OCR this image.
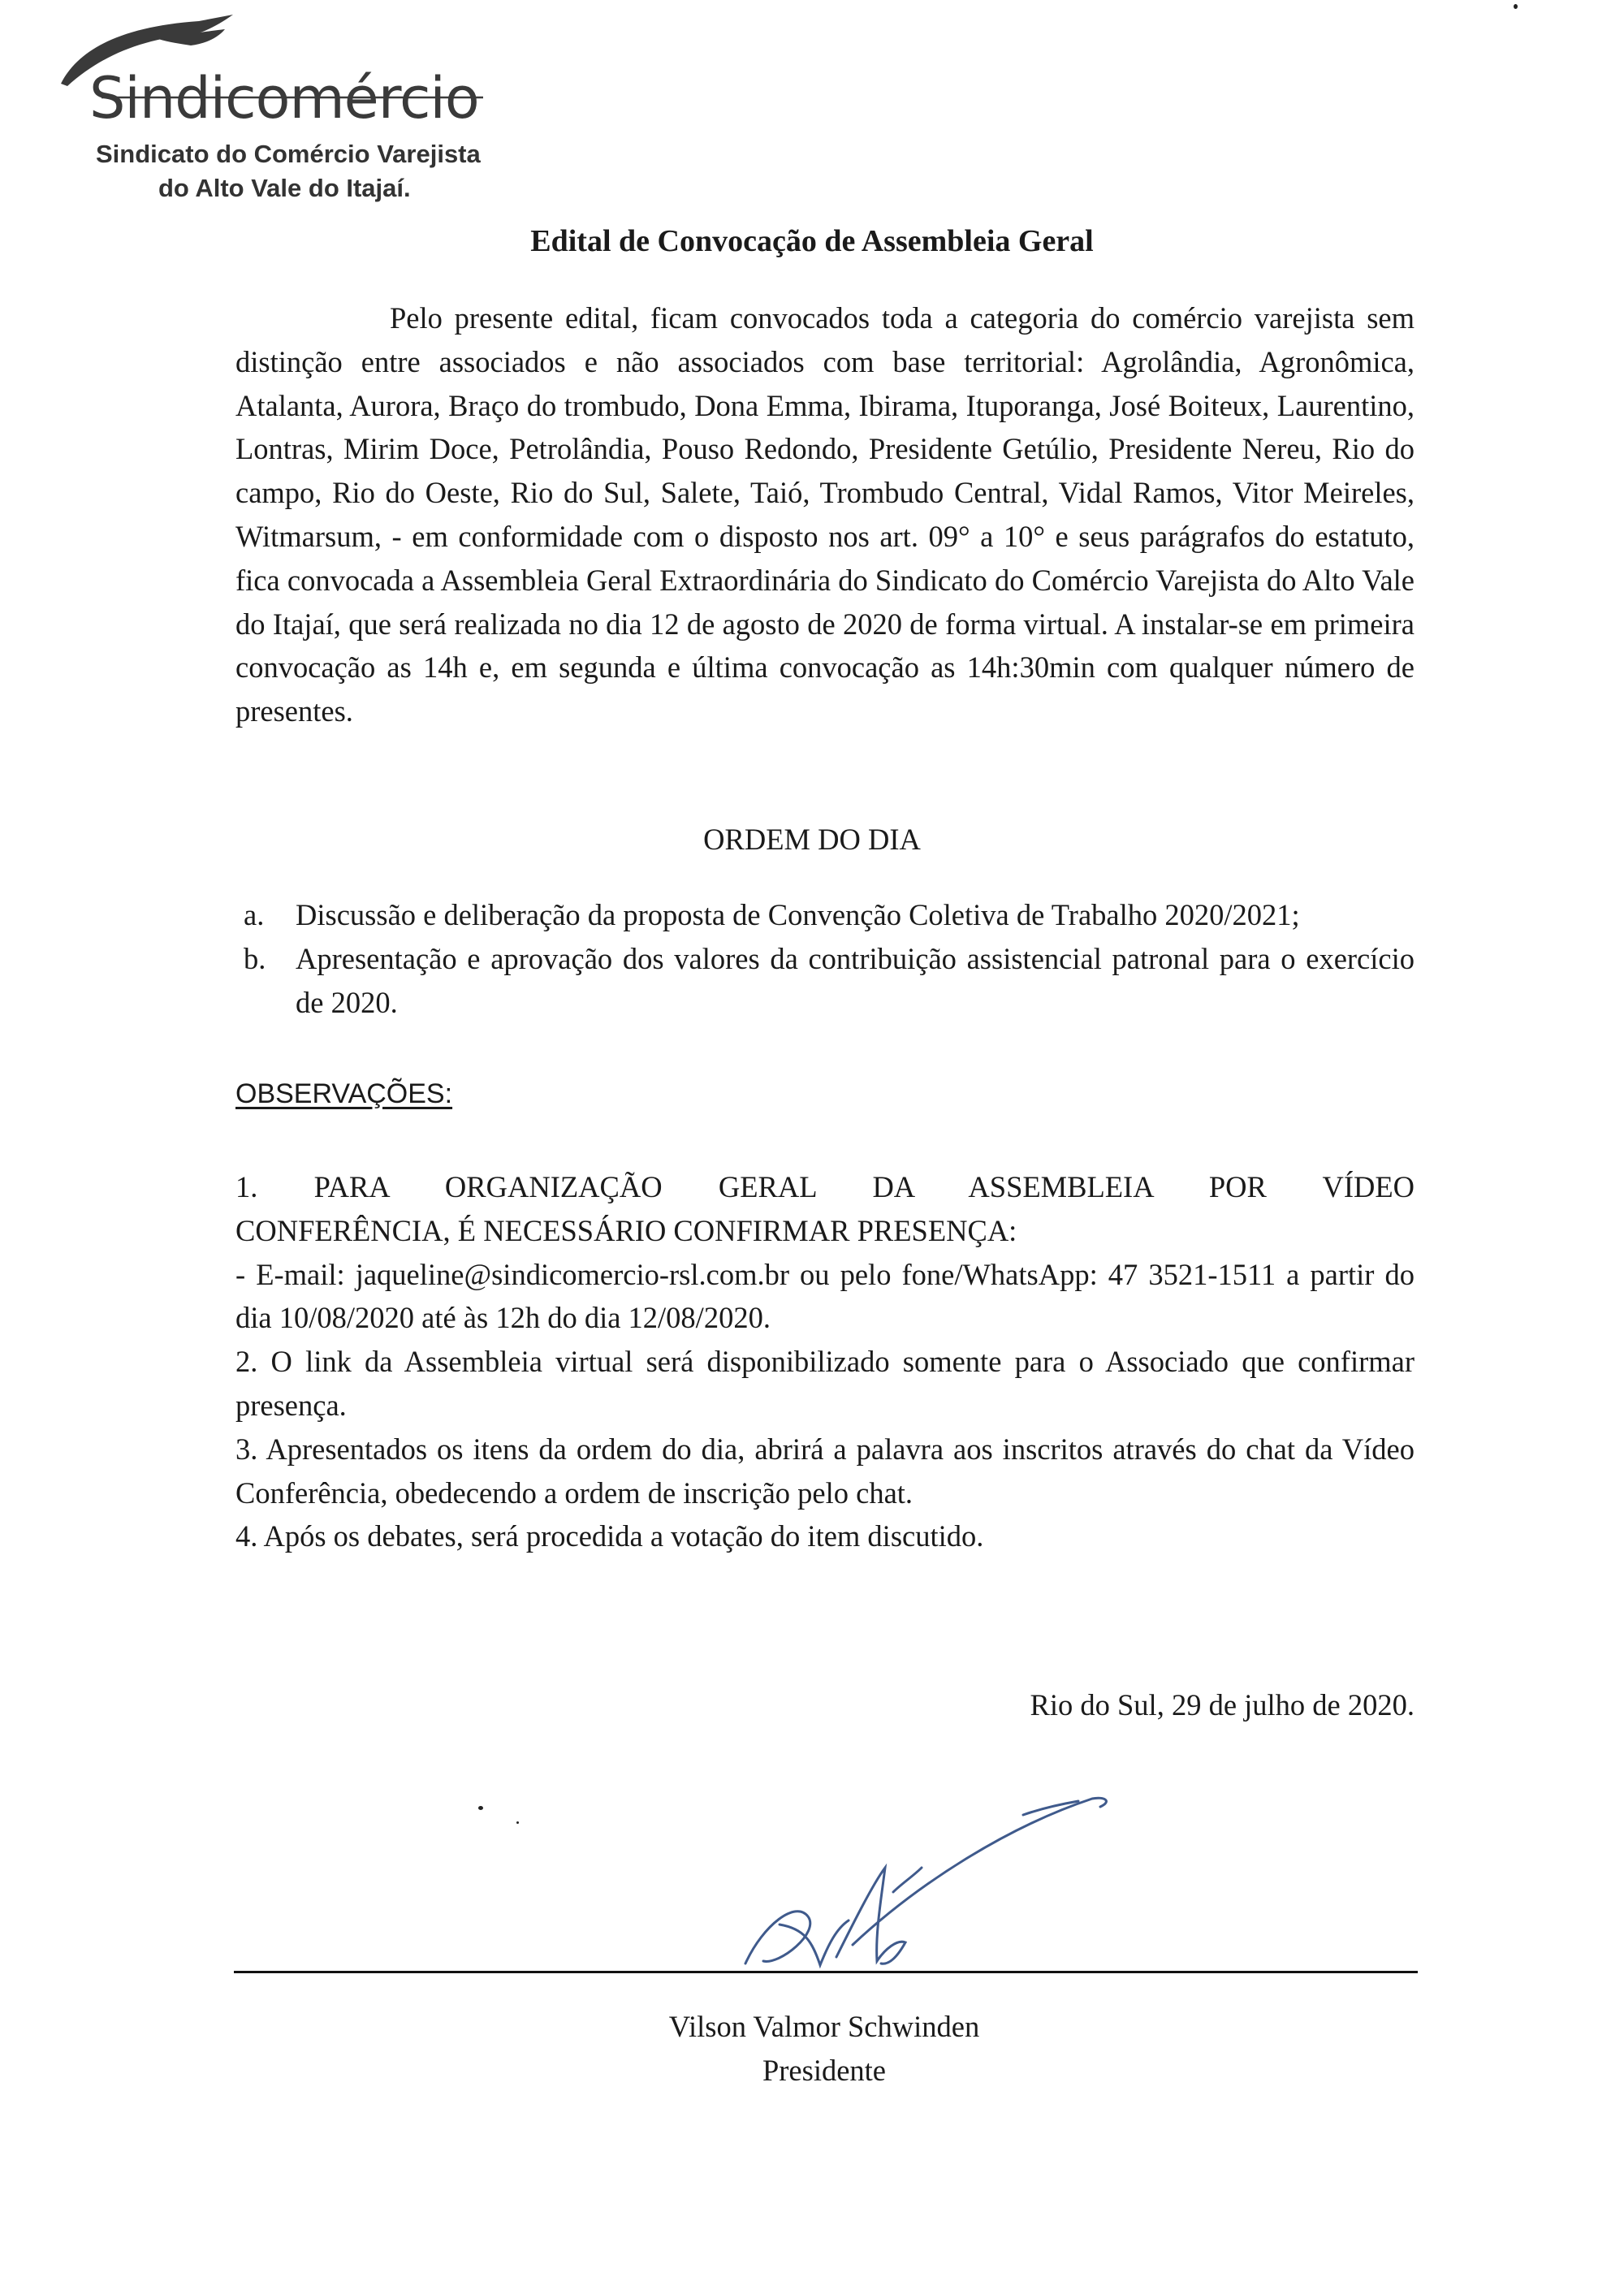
Sindicomércio
Sindicato do Comércio Varejista
do Alto Vale do Itajaí.
Edital de Convocação de Assembleia Geral

Pelo presente edital, ficam convocados toda a categoria do comércio varejista sem distinção entre associados e não associados com base territorial: Agrolândia, Agronômica, Atalanta, Aurora, Braço do trombudo, Dona Emma, Ibirama, Ituporanga, José Boiteux, Laurentino, Lontras, Mirim Doce, Petrolândia, Pouso Redondo, Presidente Getúlio, Presidente Nereu, Rio do campo, Rio do Oeste, Rio do Sul, Salete, Taió, Trombudo Central, Vidal Ramos, Vitor Meireles, Witmarsum, - em conformidade com o disposto nos art. 09° a 10° e seus parágrafos do estatuto, fica convocada a Assembleia Geral Extraordinária do Sindicato do Comércio Varejista do Alto Vale do Itajaí, que será realizada no dia 12 de agosto de 2020 de forma virtual. A instalar-se em primeira convocação as 14h e, em segunda e última convocação as 14h:30min com qualquer número de presentes.

ORDEM DO DIA
a. Discussão e deliberação da proposta de Convenção Coletiva de Trabalho 2020/2021;
b. Apresentação e aprovação dos valores da contribuição assistencial patronal para o exercício de 2020.
OBSERVAÇÕES:

1. PARA ORGANIZAÇÃO GERAL DA ASSEMBLEIA POR VÍDEO

CONFERÊNCIA, É NECESSÁRIO CONFIRMAR PRESENÇA:

- E-mail: jaqueline@sindicomercio-rsl.com.br ou pelo fone/WhatsApp: 47 3521-1511 a partir do dia 10/08/2020 até às 12h do dia 12/08/2020.

2. O link da Assembleia virtual será disponibilizado somente para o Associado que confirmar presença.

3. Apresentados os itens da ordem do dia, abrirá a palavra aos inscritos através do chat da Vídeo Conferência, obedecendo a ordem de inscrição pelo chat.

4. Após os debates, será procedida a votação do item discutido.

Rio do Sul, 29 de julho de 2020.
Vilson Valmor Schwinden
Presidente
